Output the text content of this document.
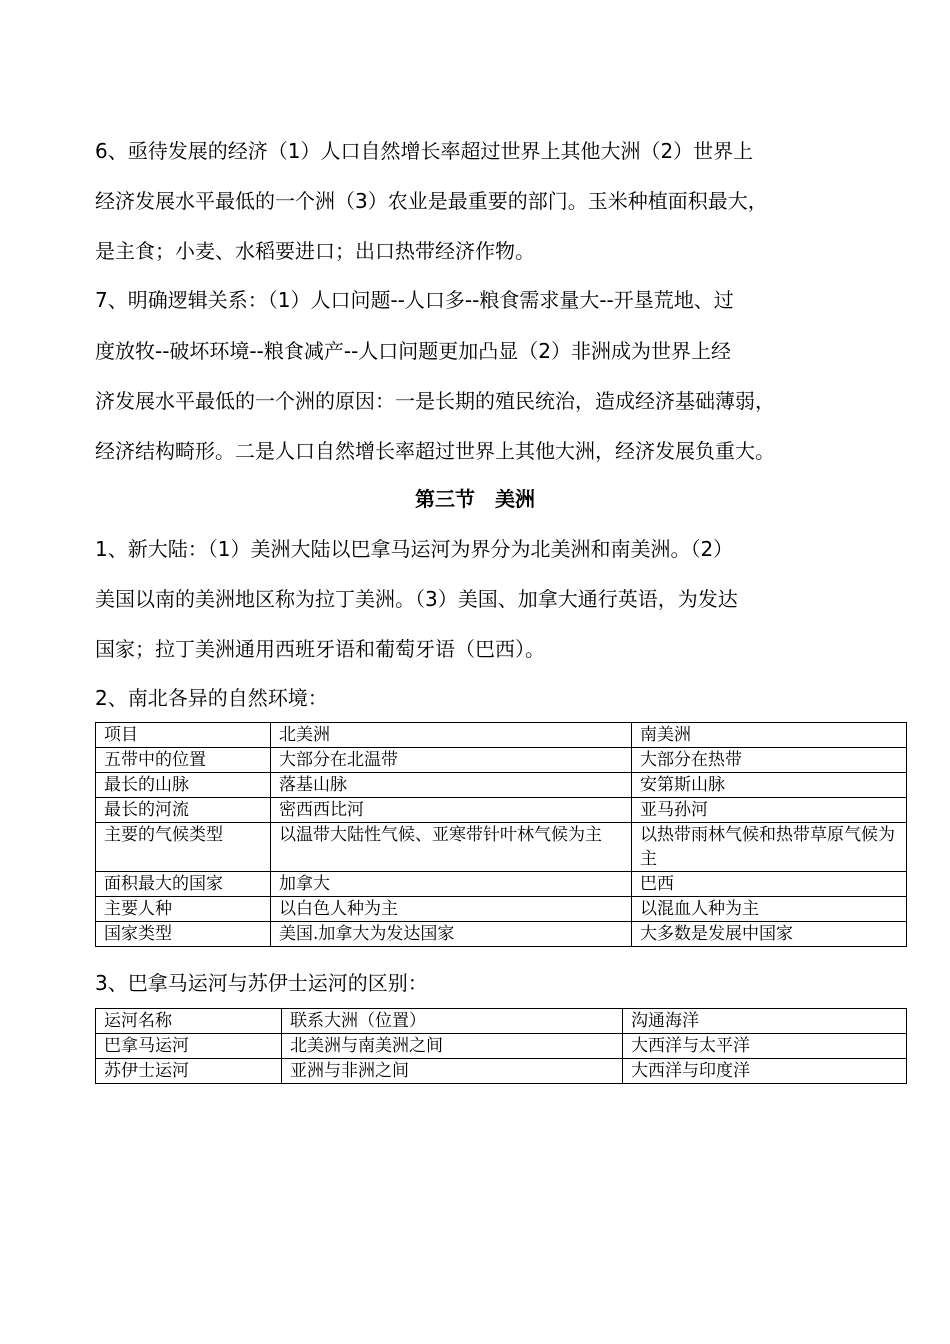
6、亟待发展的经济（1）人口自然增长率超过世界上其他大洲（2）世界上

经济发展水平最低的一个洲（3）农业是最重要的部门。玉米种植面积最大，

是主食；小麦、水稻要进口；出口热带经济作物。

7、明确逻辑关系：（1）人口问题--人口多--粮食需求量大--开垦荒地、过

度放牧--破坏环境--粮食减产--人口问题更加凸显（2）非洲成为世界上经

济发展水平最低的一个洲的原因：一是长期的殖民统治，造成经济基础薄弱，

经济结构畸形。二是人口自然增长率超过世界上其他大洲，经济发展负重大。

第三节　美洲

1、新大陆：（1）美洲大陆以巴拿马运河为界分为北美洲和南美洲。（2）

美国以南的美洲地区称为拉丁美洲。（3）美国、加拿大通行英语，为发达

国家；拉丁美洲通用西班牙语和葡萄牙语（巴西）。

2、南北各异的自然环境：

项目	北美洲	南美洲
五带中的位置	大部分在北温带	大部分在热带
最长的山脉	落基山脉	安第斯山脉
最长的河流	密西西比河	亚马孙河
主要的气候类型	以温带大陆性气候、亚寒带针叶林气候为主	以热带雨林气候和热带草原气候为主
面积最大的国家	加拿大	巴西
主要人种	以白色人种为主	以混血人种为主
国家类型	美国.加拿大为发达国家	大多数是发展中国家

3、巴拿马运河与苏伊士运河的区别：

运河名称	联系大洲（位置）	沟通海洋
巴拿马运河	北美洲与南美洲之间	大西洋与太平洋
苏伊士运河	亚洲与非洲之间	大西洋与印度洋
